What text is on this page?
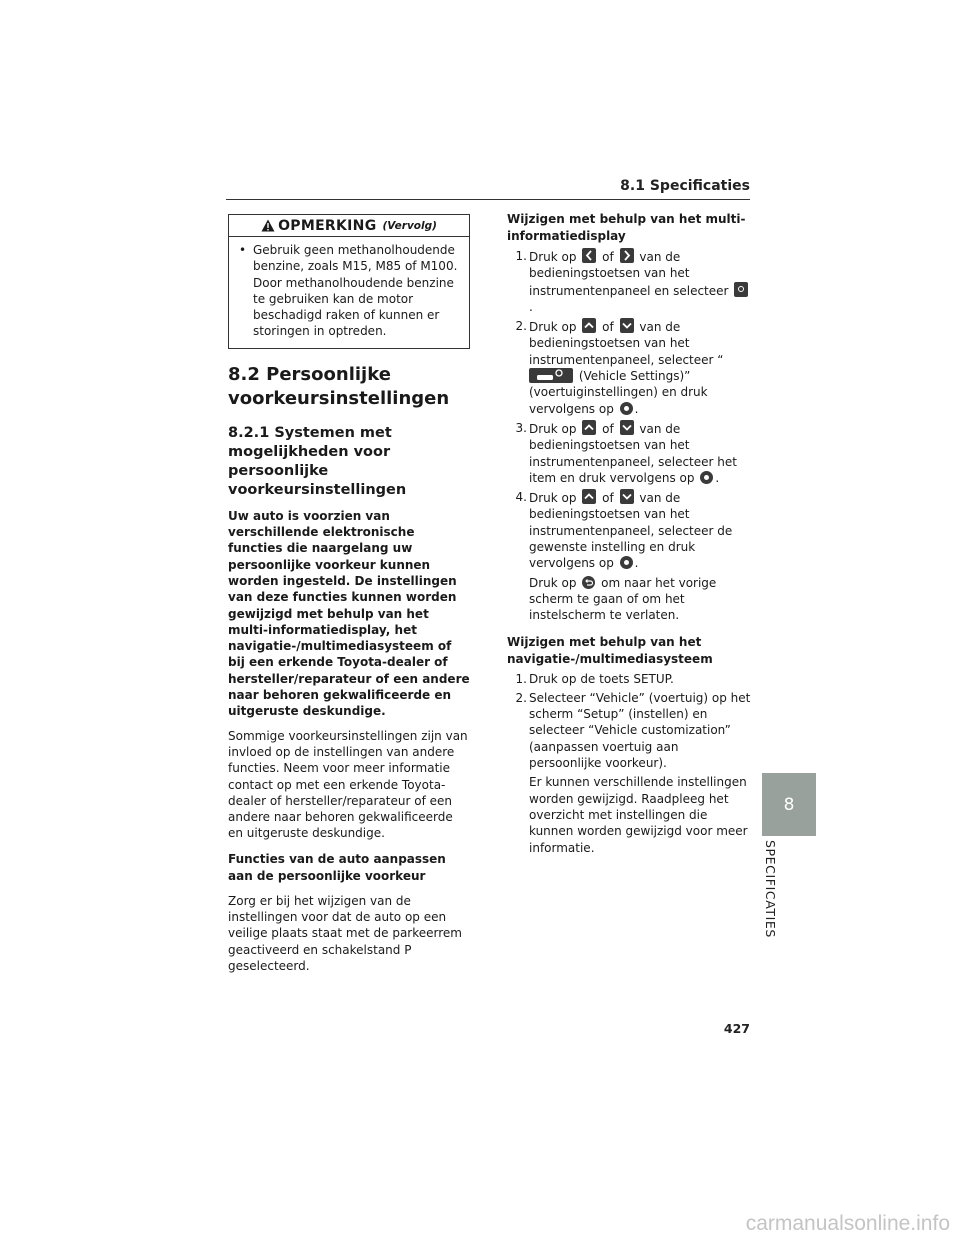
8.1 Specificaties
OPMERKING (Vervolg)
• Gebruik geen methanolhoudende benzine, zoals M15, M85 of M100. Door methanolhoudende benzine te gebruiken kan de motor beschadigd raken of kunnen er storingen in optreden.
8.2 Persoonlijke voorkeursinstellingen
8.2.1 Systemen met mogelijkheden voor persoonlijke voorkeursinstellingen
Uw auto is voorzien van verschillende elektronische functies die naargelang uw persoonlijke voorkeur kunnen worden ingesteld. De instellingen van deze functies kunnen worden gewijzigd met behulp van het multi-informatiedisplay, het navigatie-/multimediasysteem of bij een erkende Toyota-dealer of hersteller/reparateur of een andere naar behoren gekwalificeerde en uitgeruste deskundige.
Sommige voorkeursinstellingen zijn van invloed op de instellingen van andere functies. Neem voor meer informatie contact op met een erkende Toyota-dealer of hersteller/reparateur of een andere naar behoren gekwalificeerde en uitgeruste deskundige.
Functies van de auto aanpassen aan de persoonlijke voorkeur
Zorg er bij het wijzigen van de instellingen voor dat de auto op een veilige plaats staat met de parkeerrem geactiveerd en schakelstand P geselecteerd.
Wijzigen met behulp van het multi-informatiedisplay
1. Druk op of van de bedieningstoetsen van het instrumentenpaneel en selecteer .
2. Druk op of van de bedieningstoetsen van het instrumentenpaneel, selecteer “
(Vehicle Settings)” (voertuiginstellingen) en druk vervolgens op .
3. Druk op of van de bedieningstoetsen van het instrumentenpaneel, selecteer het item en druk vervolgens op .
4. Druk op of van de bedieningstoetsen van het instrumentenpaneel, selecteer de gewenste instelling en druk vervolgens op .
Druk op om naar het vorige scherm te gaan of om het instelscherm te verlaten.
Wijzigen met behulp van het navigatie-/multimediasysteem
1. Druk op de toets SETUP.
2. Selecteer “Vehicle” (voertuig) op het scherm “Setup” (instellen) en selecteer “Vehicle customization” (aanpassen voertuig aan persoonlijke voorkeur).
Er kunnen verschillende instellingen worden gewijzigd. Raadpleeg het overzicht met instellingen die kunnen worden gewijzigd voor meer informatie.
8
SPECIFICATIES
427
carmanualsonline.info
